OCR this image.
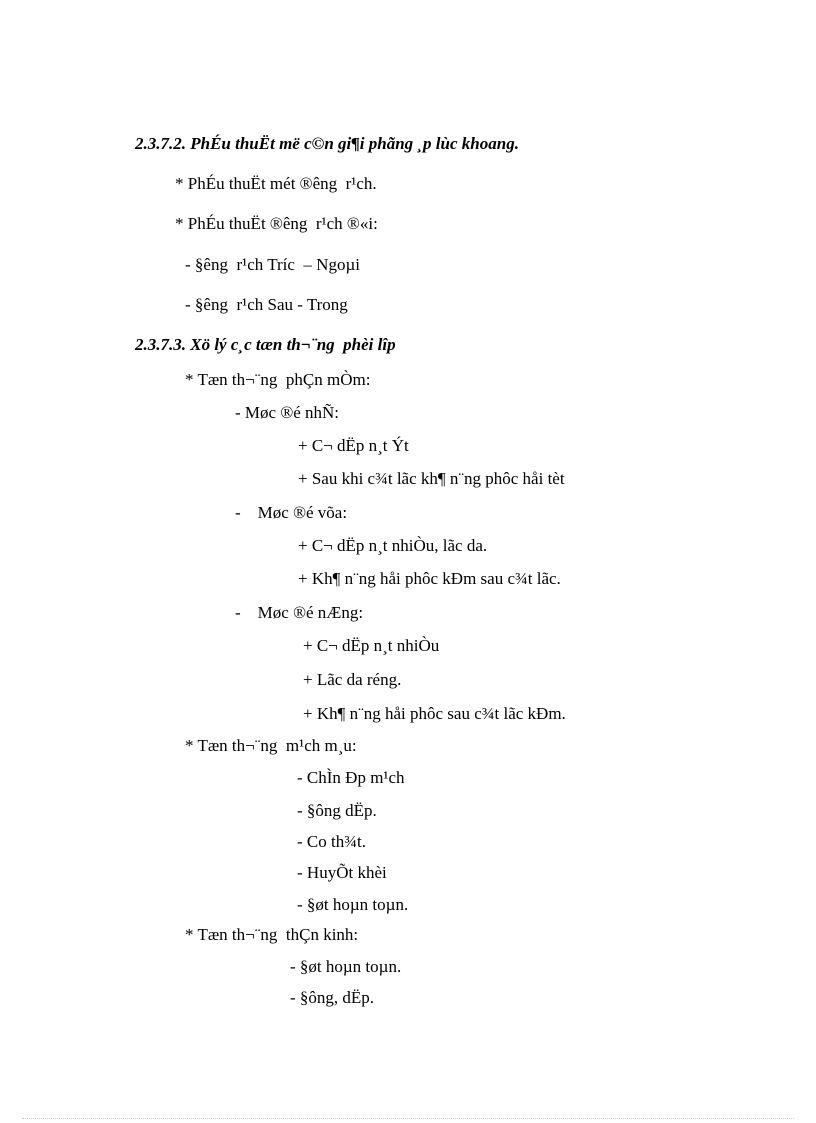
2.3.7.2. PhÉu thuËt më c©n gi¶i phãng ¸p lùc khoang.
* PhÉu thuËt mét ®êng  r¹ch.
* PhÉu thuËt ®êng  r¹ch ®«i:
- §êng  r¹ch Tríc  – Ngoµi
- §êng  r¹ch Sau - Trong
2.3.7.3. Xö lý c¸c tæn th¬¨ng  phèi lîp
* Tæn th¬¨ng  phÇn mÒm:
- Møc ®é nhÑ:
+ C¬ dËp n¸t Ýt
+ Sau khi c¾t lãc kh¶ n¨ng phôc håi tèt
-    Møc ®é võa:
+ C¬ dËp n¸t nhiÒu, lãc da.
+ Kh¶ n¨ng håi phôc kÐm sau c¾t lãc.
-    Møc ®é nÆng:
+ C¬ dËp n¸t nhiÒu
+ Lãc da réng.
+ Kh¶ n¨ng håi phôc sau c¾t lãc kÐm.
* Tæn th¬¨ng  m¹ch m¸u:
- ChÌn Ðp m¹ch
- §ông dËp.
- Co th¾t.
- HuyÕt khèi
- §øt hoµn toµn.
* Tæn th¬¨ng  thÇn kinh:
- §øt hoµn toµn.
- §ông, dËp.
